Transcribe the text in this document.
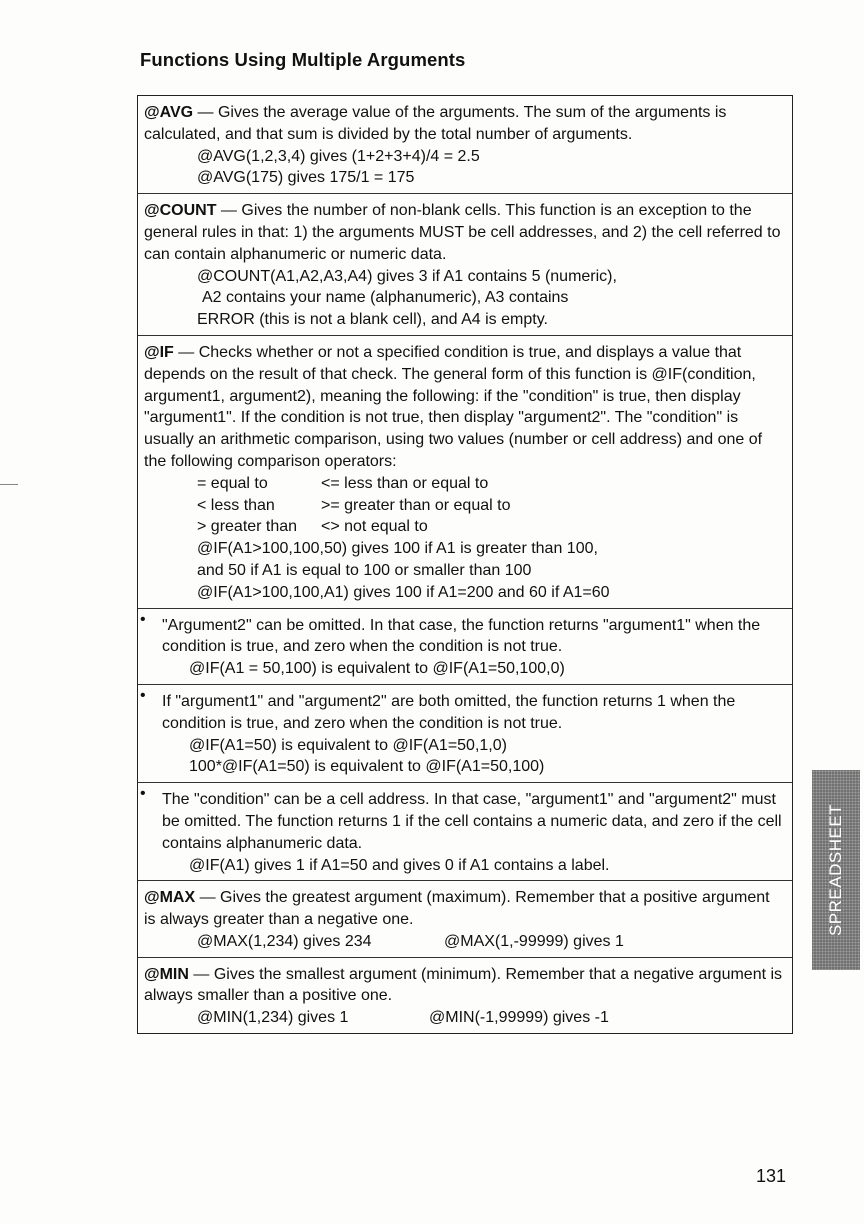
Functions Using Multiple Arguments

@AVG — Gives the average value of the arguments. The sum of the arguments is calculated, and that sum is divided by the total number of arguments.

@AVG(1,2,3,4) gives (1+2+3+4)/4 = 2.5

@AVG(175) gives 175/1 = 175

@COUNT — Gives the number of non-blank cells. This function is an exception to the general rules in that: 1) the arguments MUST be cell addresses, and 2) the cell referred to can contain alphanumeric or numeric data.

@COUNT(A1,A2,A3,A4) gives 3 if A1 contains 5 (numeric),

A2 contains your name (alphanumeric), A3 contains

ERROR (this is not a blank cell), and A4 is empty.

@IF — Checks whether or not a specified condition is true, and displays a value that depends on the result of that check. The general form of this function is @IF(condition, argument1, argument2), meaning the following: if the "condition" is true, then display "argument1". If the condition is not true, then display "argument2". The "condition" is usually an arithmetic comparison, using two values (number or cell address) and one of the following comparison operators:

= equal to	<= less than or equal to
< less than	>= greater than or equal to
> greater than	<> not equal to

@IF(A1>100,100,50) gives 100 if A1 is greater than 100,

and 50 if A1 is equal to 100 or smaller than 100

@IF(A1>100,100,A1) gives 100 if A1=200 and 60 if A1=60

• "Argument2" can be omitted. In that case, the function returns "argument1" when the condition is true, and zero when the condition is not true.

@IF(A1 = 50,100) is equivalent to @IF(A1=50,100,0)

• If "argument1" and "argument2" are both omitted, the function returns 1 when the condition is true, and zero when the condition is not true.

@IF(A1=50) is equivalent to @IF(A1=50,1,0)

100*@IF(A1=50) is equivalent to @IF(A1=50,100)

• The "condition" can be a cell address. In that case, "argument1" and "argument2" must be omitted. The function returns 1 if the cell contains a numeric data, and zero if the cell contains alphanumeric data.

@IF(A1) gives 1 if A1=50 and gives 0 if A1 contains a label.

@MAX — Gives the greatest argument (maximum). Remember that a positive argument is always greater than a negative one.

@MAX(1,234) gives 234	@MAX(1,-99999) gives 1

@MIN — Gives the smallest argument (minimum). Remember that a negative argument is always smaller than a positive one.

@MIN(1,234) gives 1	@MIN(-1,99999) gives -1

SPREADSHEET
131
